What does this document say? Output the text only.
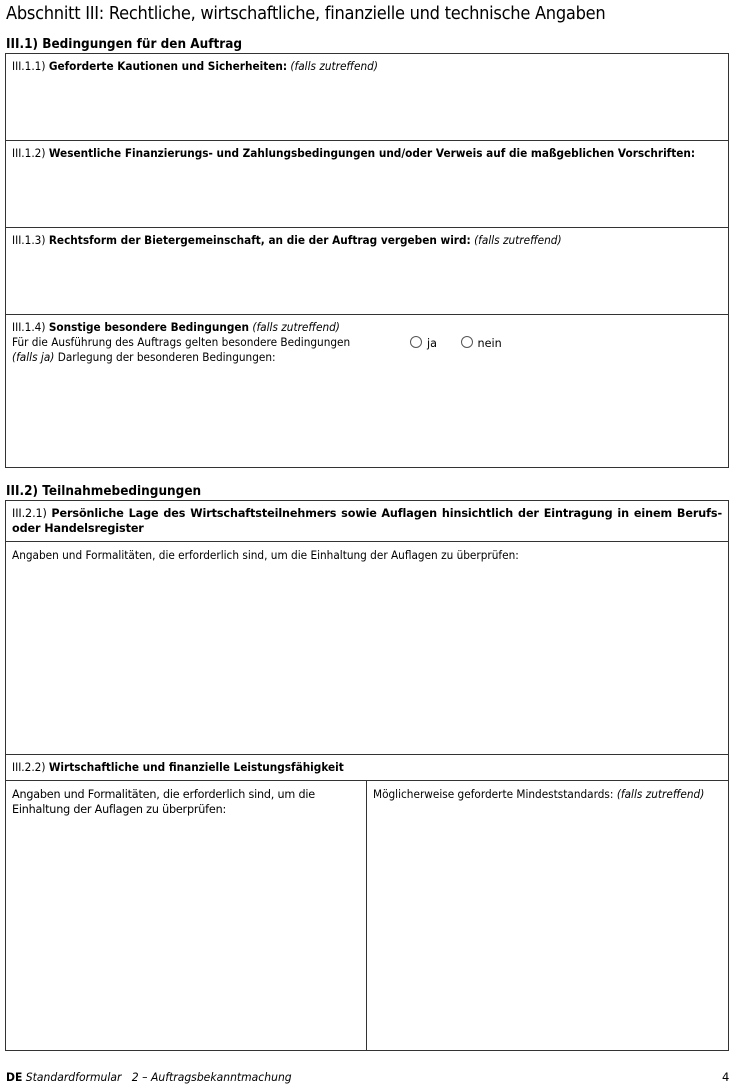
Abschnitt III: Rechtliche, wirtschaftliche, finanzielle und technische Angaben
III.1) Bedingungen für den Auftrag
III.1.1) Geforderte Kautionen und Sicherheiten: (falls zutreffend)
III.1.2) Wesentliche Finanzierungs- und Zahlungsbedingungen und/oder Verweis auf die maßgeblichen Vorschriften:
III.1.3) Rechtsform der Bietergemeinschaft, an die der Auftrag vergeben wird: (falls zutreffend)
III.1.4) Sonstige besondere Bedingungen (falls zutreffend)
Für die Ausführung des Auftrags gelten besondere Bedingungen
(falls ja) Darlegung der besonderen Bedingungen:
ja	nein
III.2) Teilnahmebedingungen
III.2.1) Persönliche Lage des Wirtschaftsteilnehmers sowie Auflagen hinsichtlich der Eintragung in einem Berufs- oder Handelsregister
Angaben und Formalitäten, die erforderlich sind, um die Einhaltung der Auflagen zu überprüfen:
III.2.2) Wirtschaftliche und finanzielle Leistungsfähigkeit
Angaben und Formalitäten, die erforderlich sind, um die Einhaltung der Auflagen zu überprüfen:
Möglicherweise geforderte Mindeststandards: (falls zutreffend)
DE Standardformular 2 – Auftragsbekanntmachung	4
